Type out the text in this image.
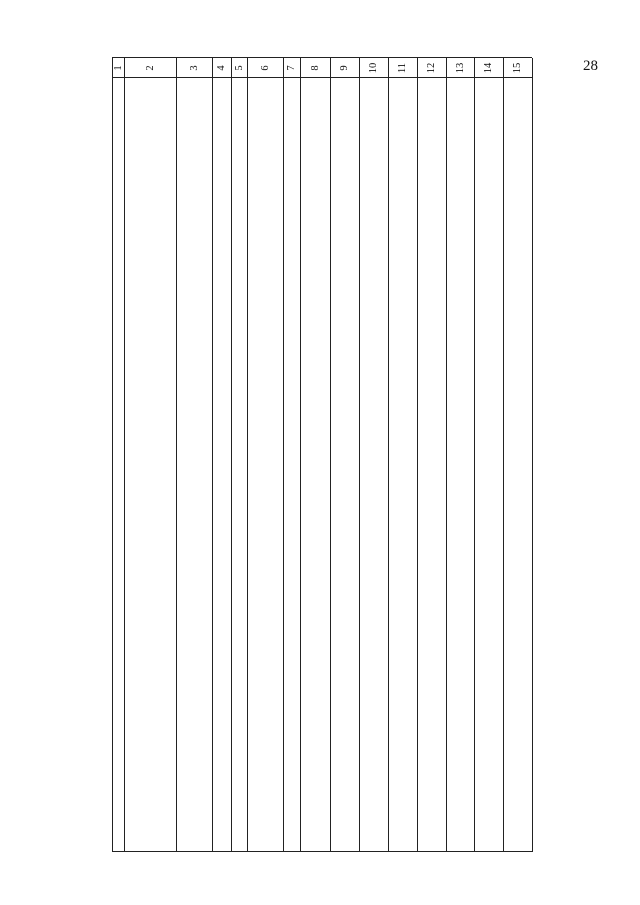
28
1 2	3 4 5 6 7 8 9 10 11 12 13 14 15
